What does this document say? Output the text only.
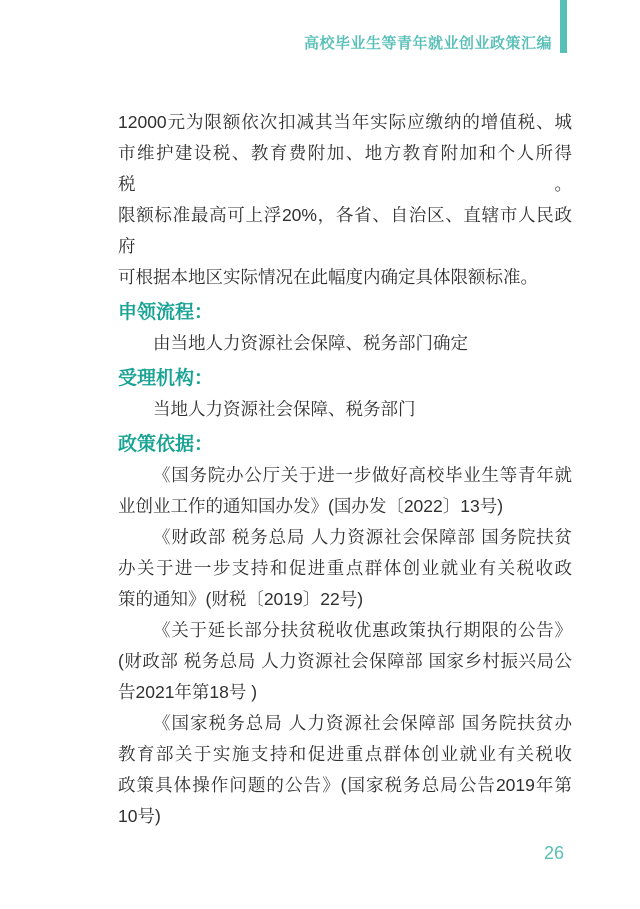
高校毕业生等青年就业创业政策汇编
12000元为限额依次扣减其当年实际应缴纳的增值税、城
市维护建设税、教育费附加、地方教育附加和个人所得税。
限额标准最高可上浮20%，各省、自治区、直辖市人民政府
可根据本地区实际情况在此幅度内确定具体限额标准。
申领流程：
由当地人力资源社会保障、税务部门确定
受理机构：
当地人力资源社会保障、税务部门
政策依据：
《国务院办公厅关于进一步做好高校毕业生等青年就
业创业工作的通知国办发》(国办发〔2022〕13号)
《财政部 税务总局 人力资源社会保障部 国务院扶贫
办关于进一步支持和促进重点群体创业就业有关税收政
策的通知》(财税〔2019〕22号)
《关于延长部分扶贫税收优惠政策执行期限的公告》
(财政部 税务总局 人力资源社会保障部 国家乡村振兴局公
告2021年第18号 )
《国家税务总局 人力资源社会保障部 国务院扶贫办
教育部关于实施支持和促进重点群体创业就业有关税收
政策具体操作问题的公告》(国家税务总局公告2019年第
10号)
26
